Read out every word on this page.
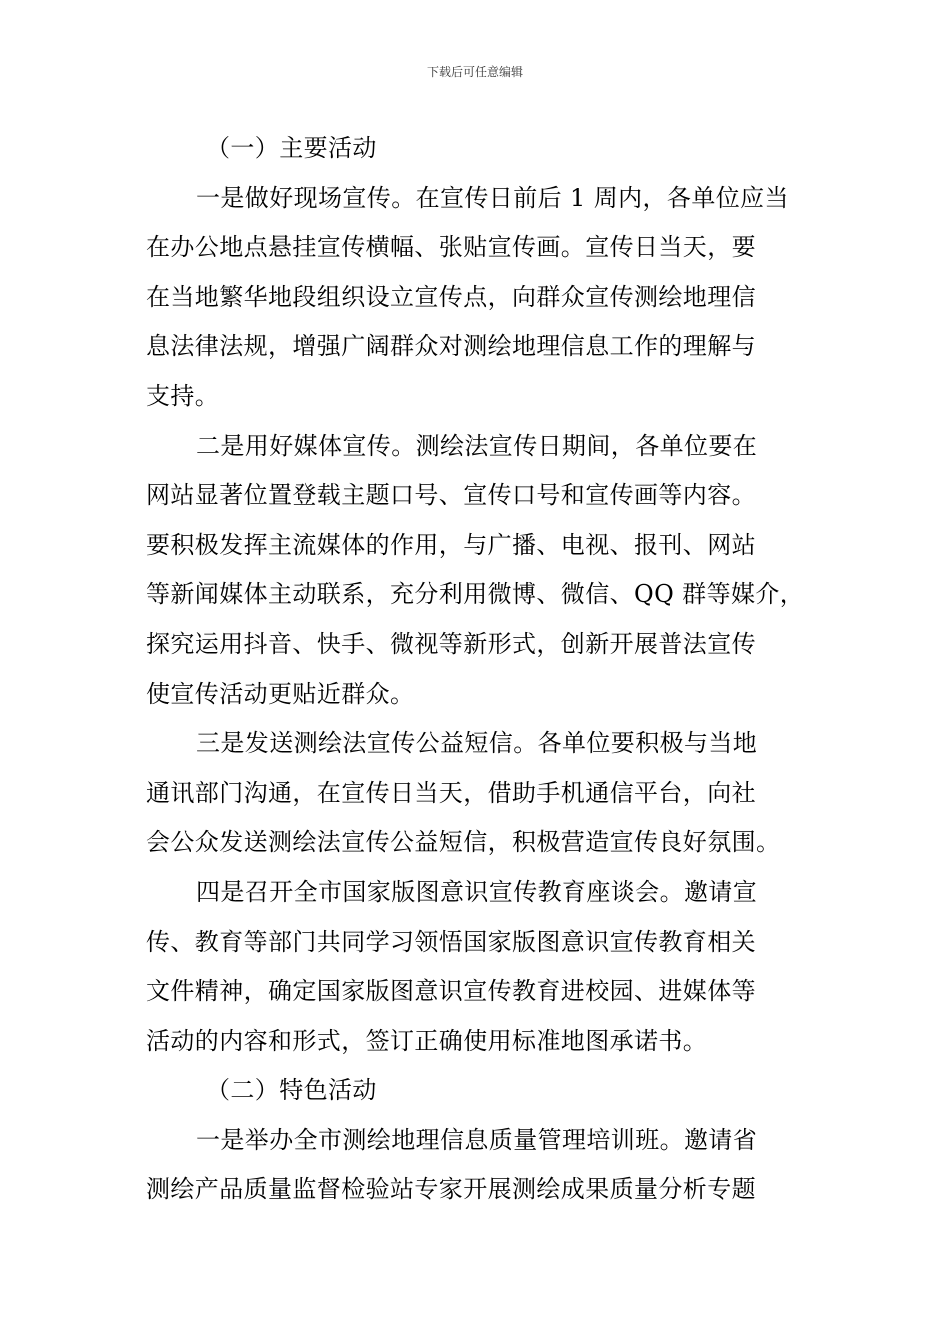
下载后可任意编辑
（一）主要活动
一是做好现场宣传。在宣传日前后 1 周内，各单位应当
在办公地点悬挂宣传横幅、张贴宣传画。宣传日当天，要
在当地繁华地段组织设立宣传点，向群众宣传测绘地理信
息法律法规，增强广阔群众对测绘地理信息工作的理解与
支持。
二是用好媒体宣传。测绘法宣传日期间，各单位要在
网站显著位置登载主题口号、宣传口号和宣传画等内容。
要积极发挥主流媒体的作用，与广播、电视、报刊、网站
等新闻媒体主动联系，充分利用微博、微信、QQ 群等媒介，
探究运用抖音、快手、微视等新形式，创新开展普法宣传
使宣传活动更贴近群众。
三是发送测绘法宣传公益短信。各单位要积极与当地
通讯部门沟通，在宣传日当天，借助手机通信平台，向社
会公众发送测绘法宣传公益短信，积极营造宣传良好氛围。
四是召开全市国家版图意识宣传教育座谈会。邀请宣
传、教育等部门共同学习领悟国家版图意识宣传教育相关
文件精神，确定国家版图意识宣传教育进校园、进媒体等
活动的内容和形式，签订正确使用标准地图承诺书。
（二）特色活动
一是举办全市测绘地理信息质量管理培训班。邀请省
测绘产品质量监督检验站专家开展测绘成果质量分析专题
